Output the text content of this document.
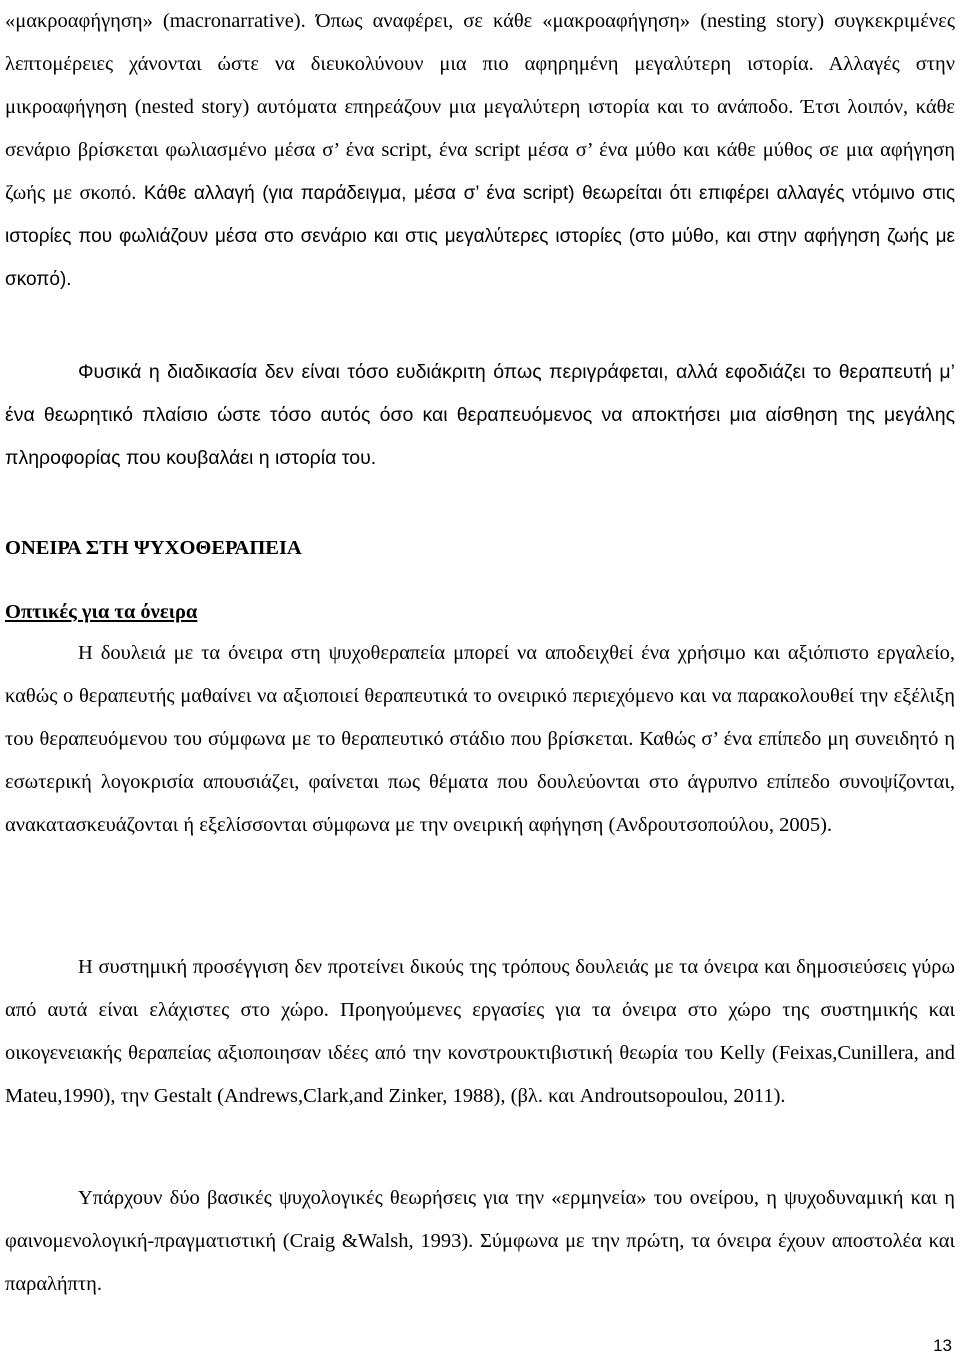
«μακροαφήγηση» (macronarrative). Όπως αναφέρει, σε κάθε «μακροαφήγηση» (nesting story) συγκεκριμένες λεπτομέρειες χάνονται ώστε να διευκολύνουν μια πιο αφηρημένη μεγαλύτερη ιστορία. Αλλαγές στην μικροαφήγηση (nested story) αυτόματα επηρεάζουν μια μεγαλύτερη ιστορία και το ανάποδο. Έτσι λοιπόν, κάθε σενάριο βρίσκεται φωλιασμένο μέσα σ’ ένα script, ένα script μέσα σ’ ένα μύθο και κάθε μύθος σε μια αφήγηση ζωής με σκοπό. Κάθε αλλαγή (για παράδειγμα, μέσα σ’ ένα script) θεωρείται ότι επιφέρει αλλαγές ντόμινο στις ιστορίες που φωλιάζουν μέσα στο σενάριο και στις μεγαλύτερες ιστορίες (στο μύθο, και στην αφήγηση ζωής με σκοπό).

Φυσικά η διαδικασία δεν είναι τόσο ευδιάκριτη όπως περιγράφεται, αλλά εφοδιάζει το θεραπευτή μ’ ένα θεωρητικό πλαίσιο ώστε τόσο αυτός όσο και θεραπευόμενος να αποκτήσει μια αίσθηση της μεγάλης πληροφορίας που κουβαλάει η ιστορία του.

ΟΝΕΙΡΑ ΣΤΗ ΨΥΧΟΘΕΡΑΠΕΙΑ
Οπτικές για τα όνειρα

Η δουλειά με τα όνειρα στη ψυχοθεραπεία μπορεί να αποδειχθεί ένα χρήσιμο και αξιόπιστο εργαλείο, καθώς ο θεραπευτής μαθαίνει να αξιοποιεί θεραπευτικά το ονειρικό περιεχόμενο και να παρακολουθεί την εξέλιξη του θεραπευόμενου του σύμφωνα με το θεραπευτικό στάδιο που βρίσκεται. Καθώς σ’ ένα επίπεδο μη συνειδητό η εσωτερική λογοκρισία απουσιάζει, φαίνεται πως θέματα που δουλεύονται στο άγρυπνο επίπεδο συνοψίζονται, ανακατασκευάζονται ή εξελίσσονται σύμφωνα με την ονειρική αφήγηση (Ανδρουτσοπούλου, 2005).

Η συστημική προσέγγιση δεν προτείνει δικούς της τρόπους δουλειάς με τα όνειρα και δημοσιεύσεις γύρω από αυτά είναι ελάχιστες στο χώρο. Προηγούμενες εργασίες για τα όνειρα στο χώρο της συστημικής και οικογενειακής θεραπείας αξιοποιησαν ιδέες από την κονστρουκτιβιστική θεωρία του Kelly (Feixas,Cunillera, and Mateu,1990), την Gestalt (Andrews,Clark,and Zinker, 1988), (βλ. και Androutsopoulou, 2011).

Υπάρχουν δύο βασικές ψυχολογικές θεωρήσεις για την «ερμηνεία» του ονείρου, η ψυχοδυναμική και η φαινομενολογική-πραγματιστική (Craig &Walsh, 1993). Σύμφωνα με την πρώτη, τα όνειρα έχουν αποστολέα και παραλήπτη.

13
